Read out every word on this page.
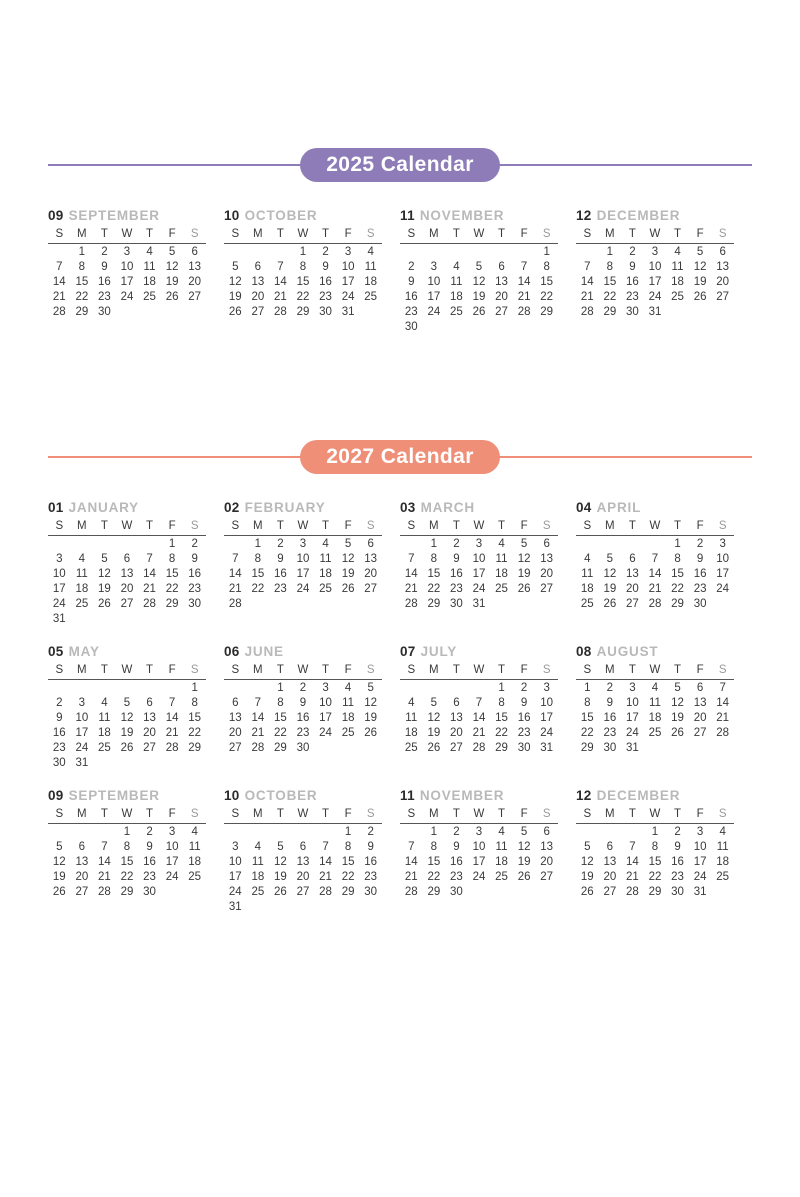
2025 Calendar
09 SEPTEMBER
S	M	T	W	T	F	S
	1	2	3	4	5	6
7	8	9	10	11	12	13
14	15	16	17	18	19	20
21	22	23	24	25	26	27
28	29	30				
10 OCTOBER
S	M	T	W	T	F	S
			1	2	3	4
5	6	7	8	9	10	11
12	13	14	15	16	17	18
19	20	21	22	23	24	25
26	27	28	29	30	31	
11 NOVEMBER
S	M	T	W	T	F	S
						1
2	3	4	5	6	7	8
9	10	11	12	13	14	15
16	17	18	19	20	21	22
23	24	25	26	27	28	29
30						
12 DECEMBER
S	M	T	W	T	F	S
	1	2	3	4	5	6
7	8	9	10	11	12	13
14	15	16	17	18	19	20
21	22	23	24	25	26	27
28	29	30	31			
2027 Calendar
01 JANUARY
S	M	T	W	T	F	S
					1	2
3	4	5	6	7	8	9
10	11	12	13	14	15	16
17	18	19	20	21	22	23
24	25	26	27	28	29	30
31						
02 FEBRUARY
S	M	T	W	T	F	S
	1	2	3	4	5	6
7	8	9	10	11	12	13
14	15	16	17	18	19	20
21	22	23	24	25	26	27
28						
03 MARCH
S	M	T	W	T	F	S
	1	2	3	4	5	6
7	8	9	10	11	12	13
14	15	16	17	18	19	20
21	22	23	24	25	26	27
28	29	30	31			
04 APRIL
S	M	T	W	T	F	S
				1	2	3
4	5	6	7	8	9	10
11	12	13	14	15	16	17
18	19	20	21	22	23	24
25	26	27	28	29	30	
05 MAY
S	M	T	W	T	F	S
						1
2	3	4	5	6	7	8
9	10	11	12	13	14	15
16	17	18	19	20	21	22
23	24	25	26	27	28	29
30	31					
06 JUNE
S	M	T	W	T	F	S
		1	2	3	4	5
6	7	8	9	10	11	12
13	14	15	16	17	18	19
20	21	22	23	24	25	26
27	28	29	30			
07 JULY
S	M	T	W	T	F	S
				1	2	3
4	5	6	7	8	9	10
11	12	13	14	15	16	17
18	19	20	21	22	23	24
25	26	27	28	29	30	31
08 AUGUST
S	M	T	W	T	F	S
1	2	3	4	5	6	7
8	9	10	11	12	13	14
15	16	17	18	19	20	21
22	23	24	25	26	27	28
29	30	31				
09 SEPTEMBER
S	M	T	W	T	F	S
			1	2	3	4
5	6	7	8	9	10	11
12	13	14	15	16	17	18
19	20	21	22	23	24	25
26	27	28	29	30		
10 OCTOBER
S	M	T	W	T	F	S
					1	2
3	4	5	6	7	8	9
10	11	12	13	14	15	16
17	18	19	20	21	22	23
24	25	26	27	28	29	30
31						
11 NOVEMBER
S	M	T	W	T	F	S
	1	2	3	4	5	6
7	8	9	10	11	12	13
14	15	16	17	18	19	20
21	22	23	24	25	26	27
28	29	30				
12 DECEMBER
S	M	T	W	T	F	S
			1	2	3	4
5	6	7	8	9	10	11
12	13	14	15	16	17	18
19	20	21	22	23	24	25
26	27	28	29	30	31	
